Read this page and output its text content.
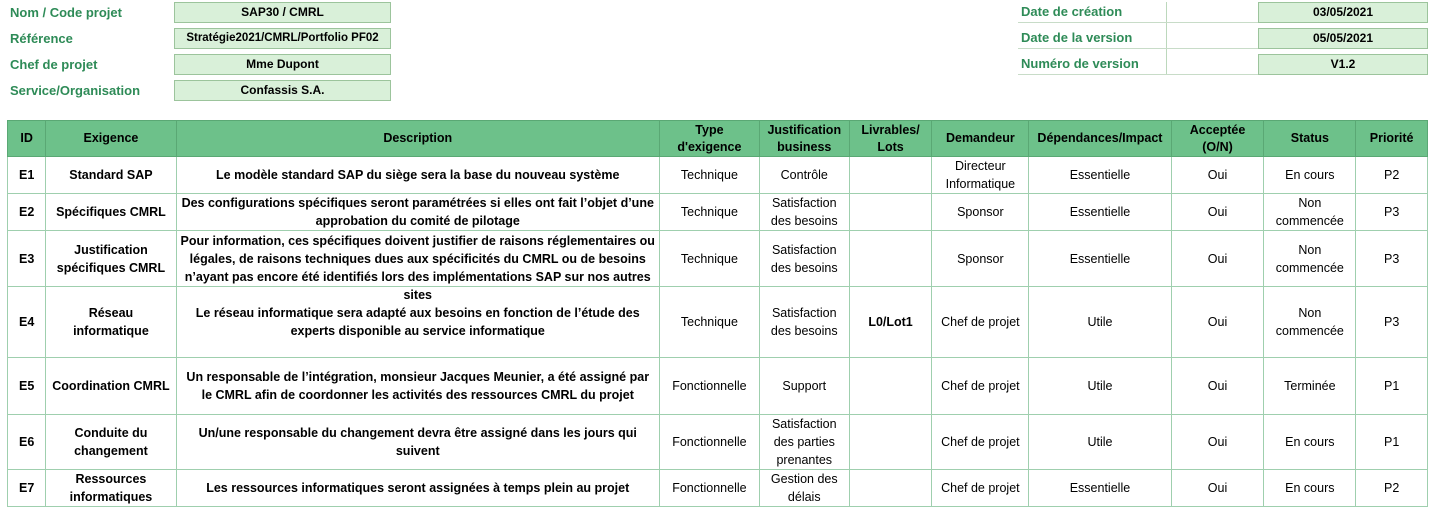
Nom / Code projet	SAP30 / CMRL
Référence	Stratégie2021/CMRL/Portfolio PF02
Chef de projet	Mme Dupont
Service/Organisation	Confassis S.A.
Date de création	03/05/2021
Date de la version	05/05/2021
Numéro de version	V1.2
ID	Exigence	Description	Type d'exigence	Justification business	Livrables/ Lots	Demandeur	Dépendances/Impact	Acceptée (O/N)	Status	Priorité

E1	Standard SAP	Le modèle standard SAP du siège sera la base du nouveau système	Technique	Contrôle		Directeur Informatique	Essentielle	Oui	En cours	P2

E2	Spécifiques CMRL	Des configurations spécifiques seront paramétrées si elles ont fait l’objet d’une approbation du comité de pilotage	Technique	Satisfaction des besoins		Sponsor	Essentielle	Oui	Non commencée	P3

E3	Justification spécifiques CMRL	Pour information, ces spécifiques doivent justifier de raisons réglementaires ou légales, de raisons techniques dues aux spécificités du CMRL ou de besoins n’ayant pas encore été identifiés lors des implémentations SAP sur nos autres sites	Technique	Satisfaction des besoins		Sponsor	Essentielle	Oui	Non commencée	P3

E4	Réseau informatique	Le réseau informatique sera adapté aux besoins en fonction de l’étude des experts disponible au service informatique	Technique	Satisfaction des besoins	L0/Lot1	Chef de projet	Utile	Oui	Non commencée	P3

E5	Coordination CMRL	Un responsable de l’intégration, monsieur Jacques Meunier, a été assigné par le CMRL afin de coordonner les activités des ressources CMRL du projet	Fonctionnelle	Support		Chef de projet	Utile	Oui	Terminée	P1

E6	Conduite du changement	Un/une responsable du changement devra être assigné dans les jours qui suivent	Fonctionnelle	Satisfaction des parties prenantes		Chef de projet	Utile	Oui	En cours	P1

E7	Ressources informatiques	Les ressources informatiques seront assignées à temps plein au projet	Fonctionnelle	Gestion des délais		Chef de projet	Essentielle	Oui	En cours	P2
